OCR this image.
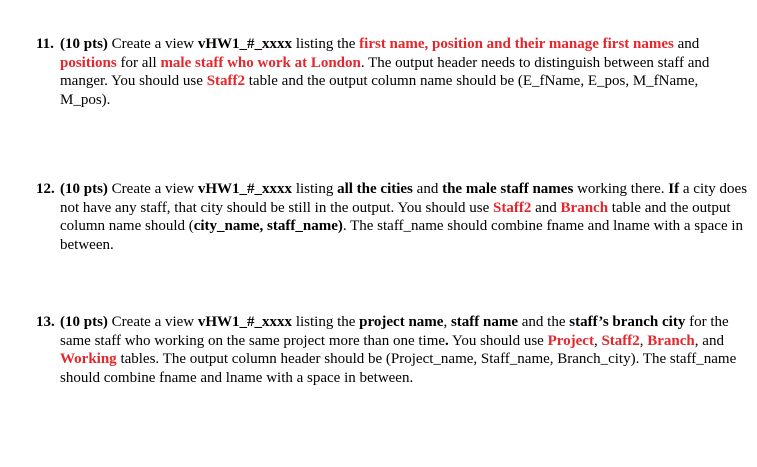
11. (10 pts) Create a view vHW1_#_xxxx listing the first name, position and their manage first names and positions for all male staff who work at London. The output header needs to distinguish between staff and manger. You should use Staff2 table and the output column name should be (E_fName, E_pos, M_fName, M_pos).
12. (10 pts) Create a view vHW1_#_xxxx listing all the cities and the male staff names working there. If a city does not have any staff, that city should be still in the output. You should use Staff2 and Branch table and the output column name should (city_name, staff_name). The staff_name should combine fname and lname with a space in between.
13. (10 pts) Create a view vHW1_#_xxxx listing the project name, staff name and the staff’s branch city for the same staff who working on the same project more than one time. You should use Project, Staff2, Branch, and Working tables. The output column header should be (Project_name, Staff_name, Branch_city). The staff_name should combine fname and lname with a space in between.
